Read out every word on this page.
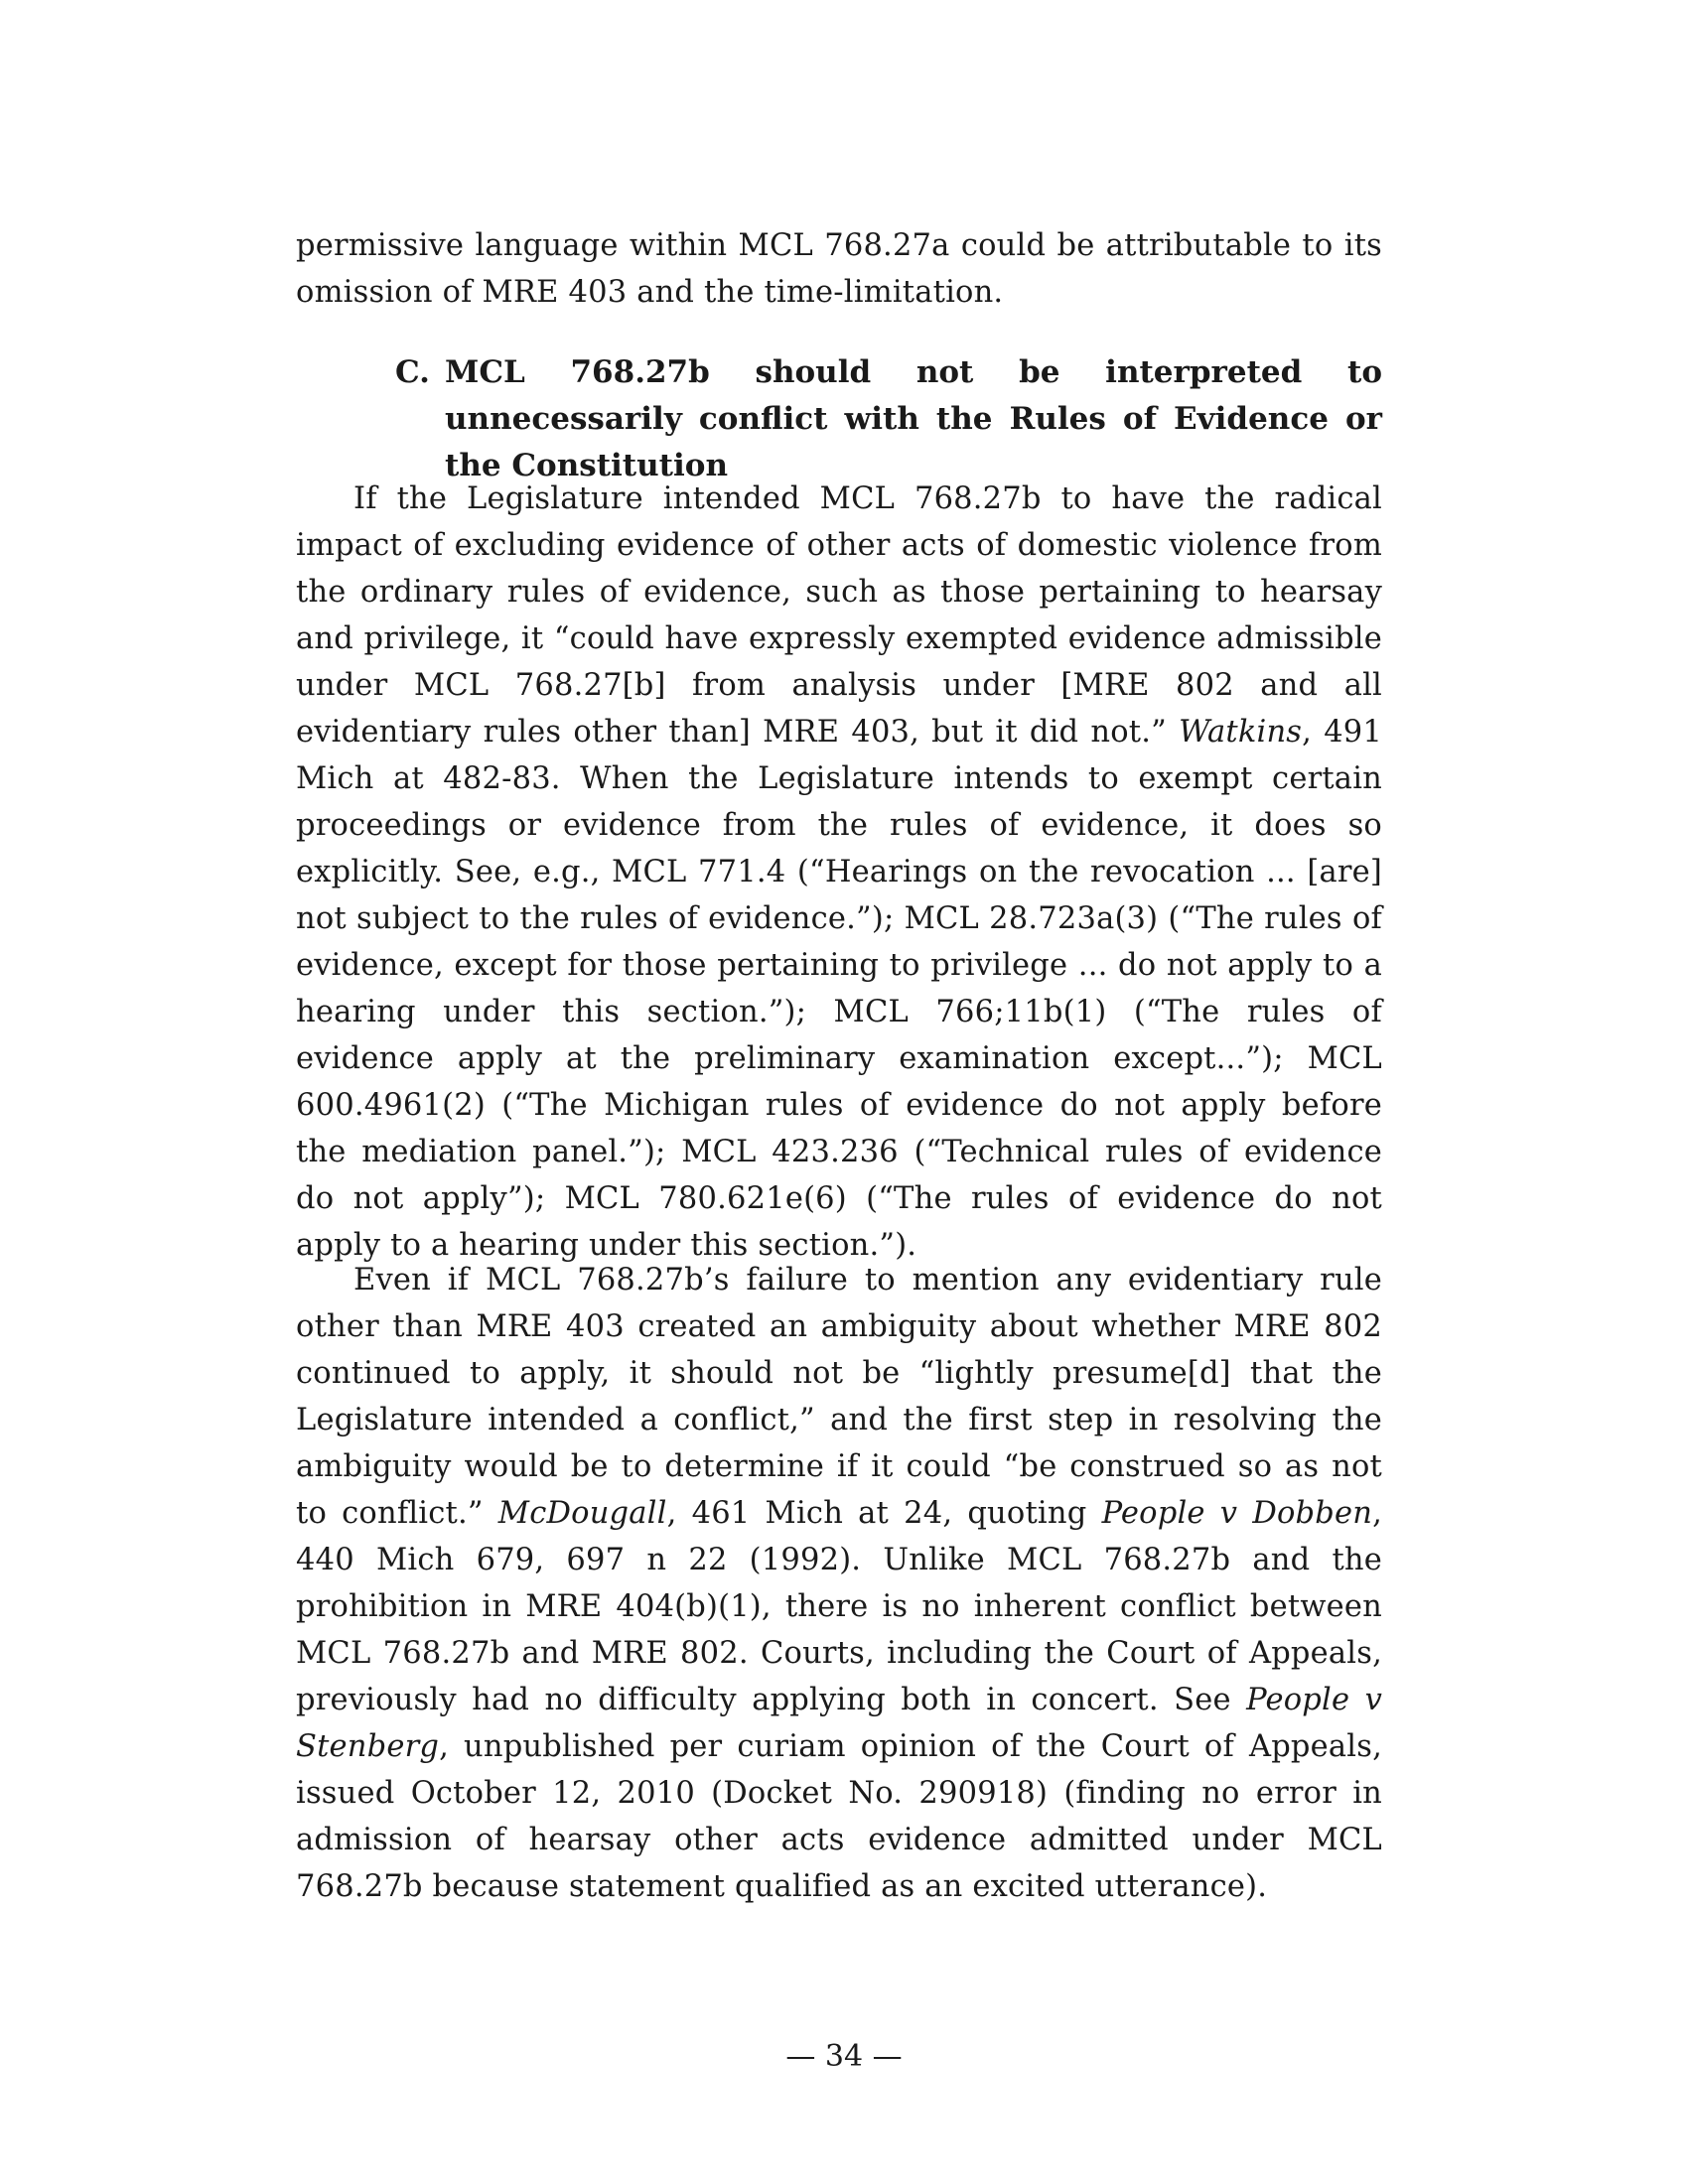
permissive language within MCL 768.27a could be attributable to its omission of MRE 403 and the time-limitation.

C. MCL 768.27b should not be interpreted to unnecessarily conflict with the Rules of Evidence or the Constitution

If the Legislature intended MCL 768.27b to have the radical impact of excluding evidence of other acts of domestic violence from the ordinary rules of evidence, such as those pertaining to hearsay and privilege, it “could have expressly exempted evidence admissible under MCL 768.27[b] from analysis under [MRE 802 and all evidentiary rules other than] MRE 403, but it did not.” Watkins, 491 Mich at 482-83. When the Legislature intends to exempt certain proceedings or evidence from the rules of evidence, it does so explicitly. See, e.g., MCL 771.4 (“Hearings on the revocation ... [are] not subject to the rules of evidence.”); MCL 28.723a(3) (“The rules of evidence, except for those pertaining to privilege ... do not apply to a hearing under this section.”); MCL 766;11b(1) (“The rules of evidence apply at the preliminary examination except...”); MCL 600.4961(2) (“The Michigan rules of evidence do not apply before the mediation panel.”); MCL 423.236 (“Technical rules of evidence do not apply”); MCL 780.621e(6) (“The rules of evidence do not apply to a hearing under this section.”).

Even if MCL 768.27b’s failure to mention any evidentiary rule other than MRE 403 created an ambiguity about whether MRE 802 continued to apply, it should not be “lightly presume[d] that the Legislature intended a conflict,” and the first step in resolving the ambiguity would be to determine if it could “be construed so as not to conflict.” McDougall, 461 Mich at 24, quoting People v Dobben, 440 Mich 679, 697 n 22 (1992). Unlike MCL 768.27b and the prohibition in MRE 404(b)(1), there is no inherent conflict between MCL 768.27b and MRE 802. Courts, including the Court of Appeals, previously had no difficulty applying both in concert. See People v Stenberg, unpublished per curiam opinion of the Court of Appeals, issued October 12, 2010 (Docket No. 290918) (finding no error in admission of hearsay other acts evidence admitted under MCL 768.27b because statement qualified as an excited utterance).

— 34 —
